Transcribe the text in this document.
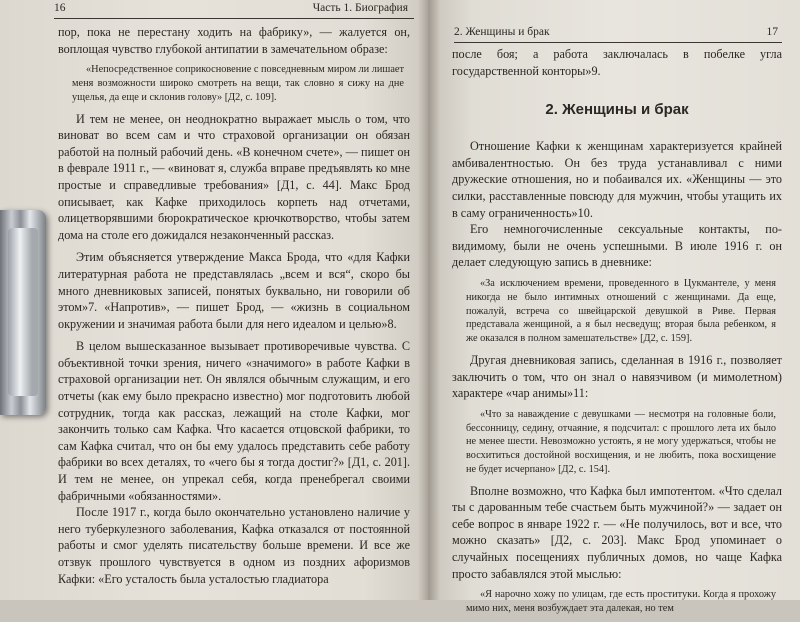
16	Часть 1. Биография

пор, пока не перестану ходить на фабрику», — жалуется он, воплощая чувство глубокой антипатии в замечательном образе:

«Непосредственное соприкосновение с повседневным миром ли лишает меня возможности широко смотреть на вещи, так словно я сижу на дне ущелья, да еще и склонив голову» [Д2, с. 109].

И тем не менее, он неоднократно выражает мысль о том, что виноват во всем сам и что страховой организации он обязан работой на полный рабочий день. «В конечном счете», — пишет он в феврале 1911 г., — «виноват я, служба вправе предъявлять ко мне простые и справедливые требования» [Д1, с. 44]. Макс Брод описывает, как Кафке приходилось корпеть над отчетами, олицетворявшими бюрократическое крючкотворство, чтобы затем дома на столе его дожидался незаконченный рассказ.

Этим объясняется утверждение Макса Брода, что «для Кафки литературная работа не представлялась „всем и вся“, скоро бы много дневниковых записей, понятых буквально, ни говорили об этом»7. «Напротив», — пишет Брод, — «жизнь в социальном окружении и значимая работа были для него идеалом и целью»8.

В целом вышесказанное вызывает противоречивые чувства. С объективной точки зрения, ничего «значимого» в работе Кафки в страховой организации нет. Он являлся обычным служащим, и его отчеты (как ему было прекрасно известно) мог подготовить любой сотрудник, тогда как рассказ, лежащий на столе Кафки, мог закончить только сам Кафка. Что касается отцовской фабрики, то сам Кафка считал, что он бы ему удалось представить себе работу фабрики во всех деталях, то «чего бы я тогда достиг?» [Д1, с. 201]. И тем не менее, он упрекал себя, когда пренебрегал своими фабричными «обязанностями».

После 1917 г., когда было окончательно установлено наличие у него туберкулезного заболевания, Кафка отказался от постоянной работы и смог уделять писательству больше времени. И все же отзвук прошлого чувствуется в одном из поздних афоризмов Кафки: «Его усталость была усталостью гладиатора

2. Женщины и брак	17

после боя; а работа заключалась в побелке угла государственной конторы»9.

2. Женщины и брак

Отношение Кафки к женщинам характеризуется крайней амбивалентностью. Он без труда устанавливал с ними дружеские отношения, но и побаивался их. «Женщины — это силки, расставленные повсюду для мужчин, чтобы утащить их в саму ограниченность»10.

Его немногочисленные сексуальные контакты, по-видимому, были не очень успешными. В июле 1916 г. он делает следующую запись в дневнике:

«За исключением времени, проведенного в Цукмантеле, у меня никогда не было интимных отношений с женщинами. Да еще, пожалуй, встреча со швейцарской девушкой в Риве. Первая представала женщиной, а я был несведущ; вторая была ребенком, я же оказался в полном замешательстве» [Д2, с. 159].

Другая дневниковая запись, сделанная в 1916 г., позволяет заключить о том, что он знал о навязчивом (и мимолетном) характере «чар анимы»11:

«Что за наваждение с девушками — несмотря на головные боли, бессонницу, седину, отчаяние, я подсчитал: с прошлого лета их было не менее шести. Невозможно устоять, я не могу удержаться, чтобы не восхититься достойной восхищения, и не любить, пока восхищение не будет исчерпано» [Д2, с. 154].

Вполне возможно, что Кафка был импотентом. «Что сделал ты с дарованным тебе счастьем быть мужчиной?» — задает он себе вопрос в январе 1922 г. — «Не получилось, вот и все, что можно сказать» [Д2, с. 203]. Макс Брод упоминает о случайных посещениях публичных домов, но чаще Кафка просто забавлялся этой мыслью:

«Я нарочно хожу по улицам, где есть проституки. Когда я прохожу мимо них, меня возбуждает эта далекая, но тем
